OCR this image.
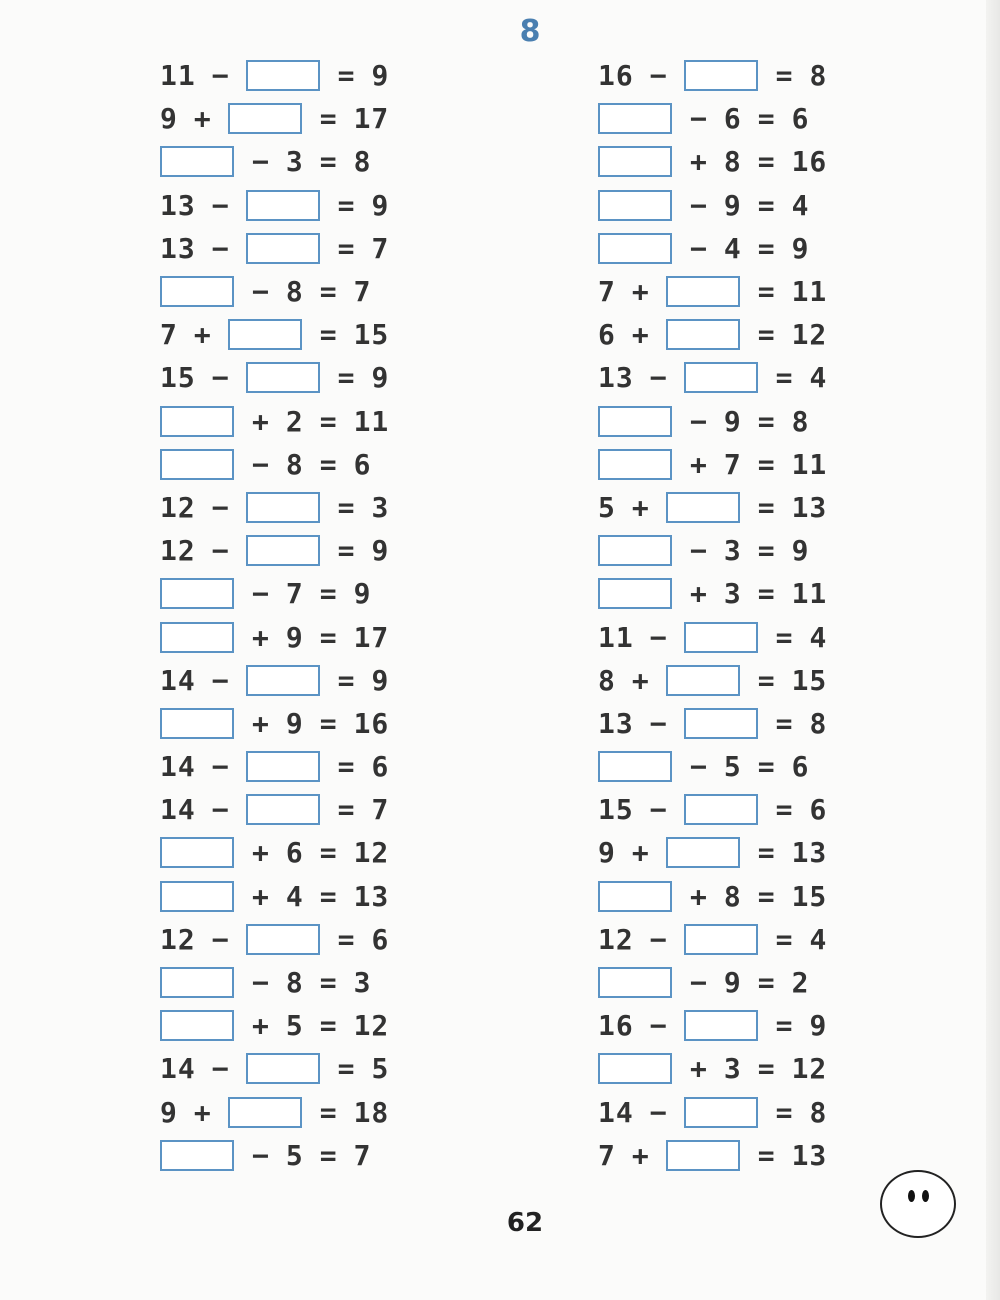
8
11 −	= 9
9 +	= 17
− 3 = 8
13 −	= 9
13 −	= 7
− 8 = 7
7 +	= 15
15 −	= 9
+ 2 = 11
− 8 = 6
12 −	= 3
12 −	= 9
− 7 = 9
+ 9 = 17
14 −	= 9
+ 9 = 16
14 −	= 6
14 −	= 7
+ 6 = 12
+ 4 = 13
12 −	= 6
− 8 = 3
+ 5 = 12
14 −	= 5
9 +	= 18
− 5 = 7
16 −	= 8
− 6 = 6
+ 8 = 16
− 9 = 4
− 4 = 9
7 +	= 11
6 +	= 12
13 −	= 4
− 9 = 8
+ 7 = 11
5 +	= 13
− 3 = 9
+ 3 = 11
11 −	= 4
8 +	= 15
13 −	= 8
− 5 = 6
15 −	= 6
9 +	= 13
+ 8 = 15
12 −	= 4
− 9 = 2
16 −	= 9
+ 3 = 12
14 −	= 8
7 +	= 13
62
